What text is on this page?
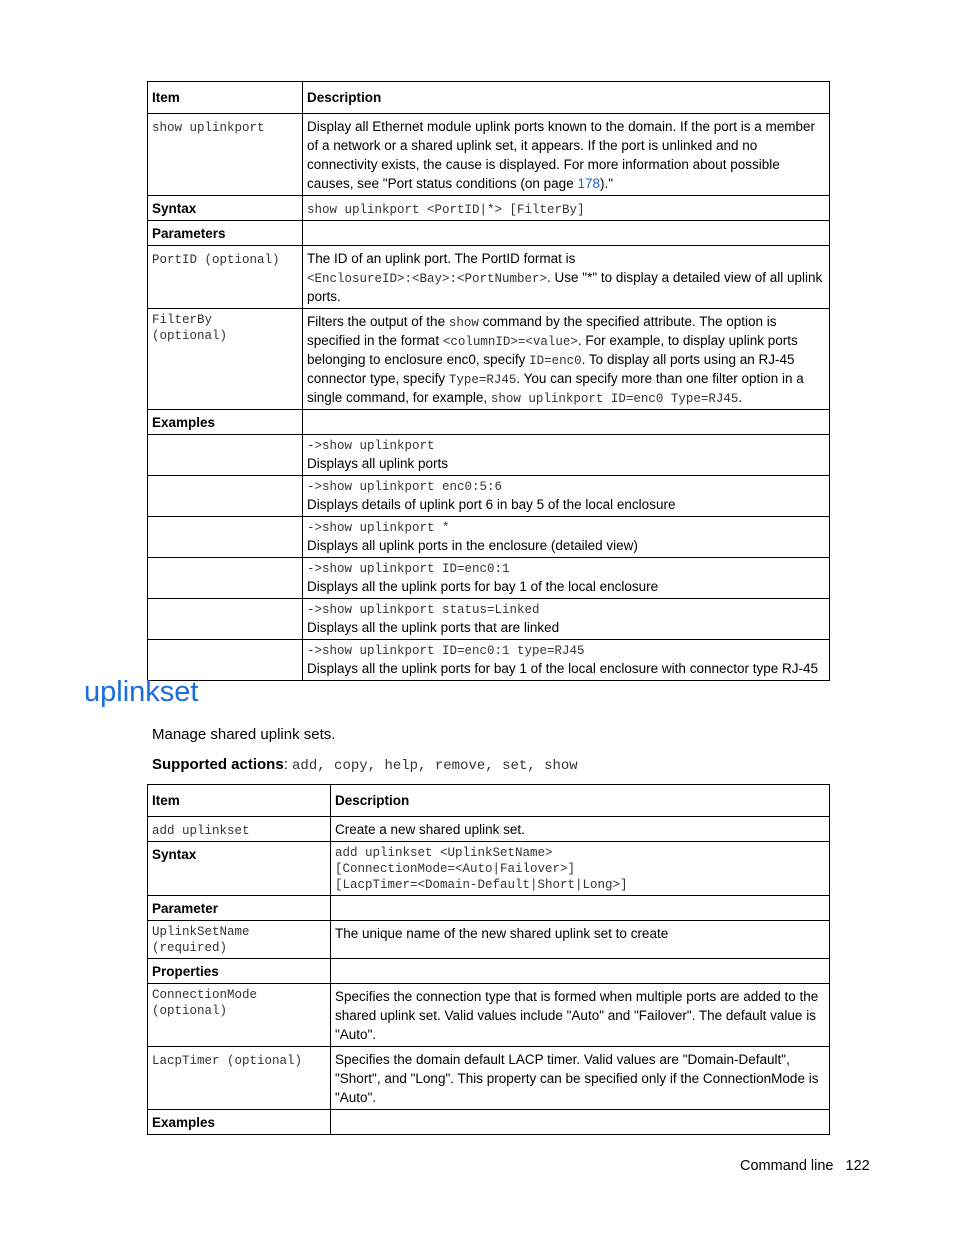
Item	Description
show uplinkport	Display all Ethernet module uplink ports known to the domain. If the port is a member of a network or a shared uplink set, it appears. If the port is unlinked and no connectivity exists, the cause is displayed. For more information about possible causes, see "Port status conditions (on page 178)."
Syntax	show uplinkport <PortID|*> [FilterBy]
Parameters	
PortID (optional)	The ID of an uplink port. The PortID format is
<EnclosureID>:<Bay>:<PortNumber>. Use "*" to display a detailed view of all uplink ports.

FilterBy (optional)	Filters the output of the show command by the specified attribute. The option is specified in the format <columnID>=<value>. For example, to display uplink ports belonging to enclosure enc0, specify ID=enc0. To display all ports using an RJ-45 connector type, specify Type=RJ45. You can specify more than one filter option in a single command, for example, show uplinkport ID=enc0 Type=RJ45.
Examples	

	->show uplinkport
Displays all uplink ports

	->show uplinkport enc0:5:6
Displays details of uplink port 6 in bay 5 of the local enclosure

	->show uplinkport *
Displays all uplink ports in the enclosure (detailed view)

	->show uplinkport ID=enc0:1
Displays all the uplink ports for bay 1 of the local enclosure

	->show uplinkport status=Linked
Displays all the uplink ports that are linked

	->show uplinkport ID=enc0:1 type=RJ45
Displays all the uplink ports for bay 1 of the local enclosure with connector type RJ-45
uplinkset
Manage shared uplink sets.
Supported actions: add, copy, help, remove, set, show
Item	Description
add uplinkset	Create a new shared uplink set.
Syntax	add uplinkset <UplinkSetName>
[ConnectionMode=<Auto|Failover>]
[LacpTimer=<Domain-Default|Short|Long>]

Parameter	

UplinkSetName (required)	The unique name of the new shared uplink set to create
Properties	

ConnectionMode (optional)	Specifies the connection type that is formed when multiple ports are added to the shared uplink set. Valid values include "Auto" and "Failover". The default value is "Auto".
LacpTimer (optional)	Specifies the domain default LACP timer. Valid values are "Domain-Default", "Short", and "Long". This property can be specified only if the ConnectionMode is "Auto".
Examples	
Command line 122
